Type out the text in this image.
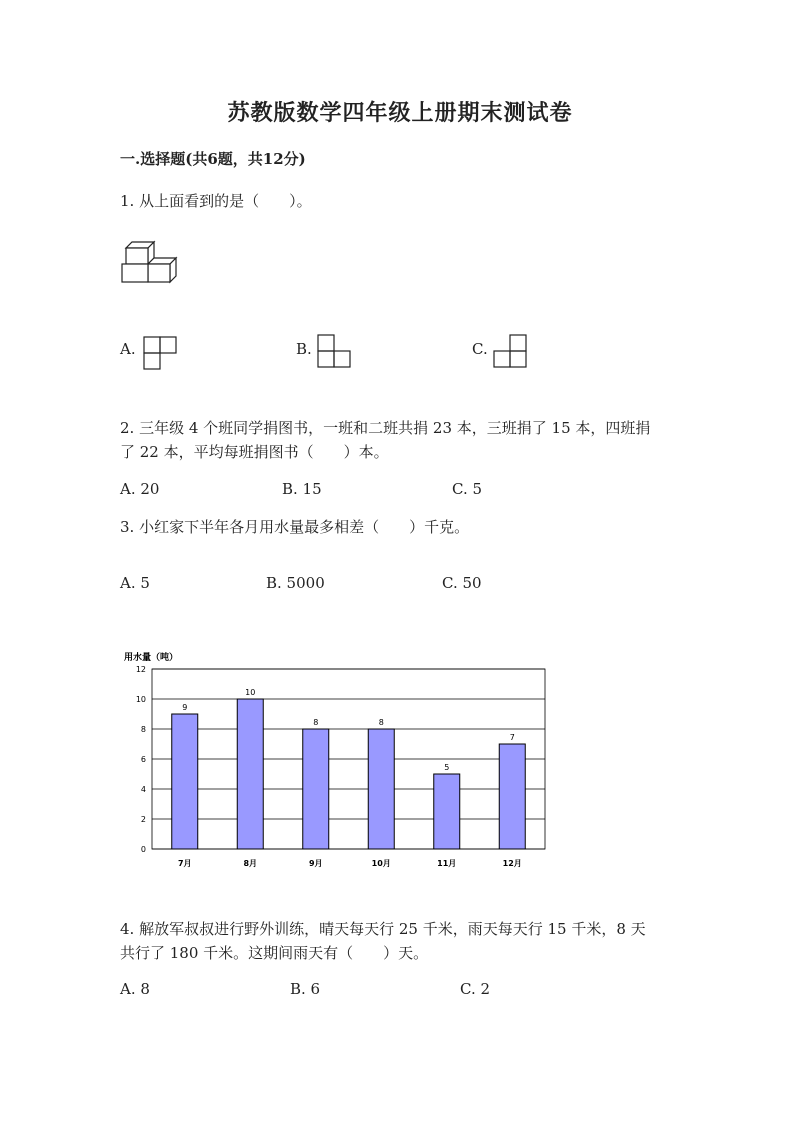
苏教版数学四年级上册期末测试卷
一.选择题(共6题，共12分)
1. 从上面看到的是（　　）。
A.	B.	C.
2. 三年级 4 个班同学捐图书，一班和二班共捐 23 本，三班捐了 15 本，四班捐
了 22 本，平均每班捐图书（　　）本。
A. 20	B. 15	C. 5
3. 小红家下半年各月用水量最多相差（　　）千克。
A. 5	B. 5000	C. 50
用水量（吨）
0
2
4
6
8
10
12
9
7月
10
8月
8
9月
8
10月
5
11月
7
12月
4. 解放军叔叔进行野外训练，晴天每天行 25 千米，雨天每天行 15 千米，8 天
共行了 180 千米。这期间雨天有（　　）天。
A. 8	B. 6	C. 2
